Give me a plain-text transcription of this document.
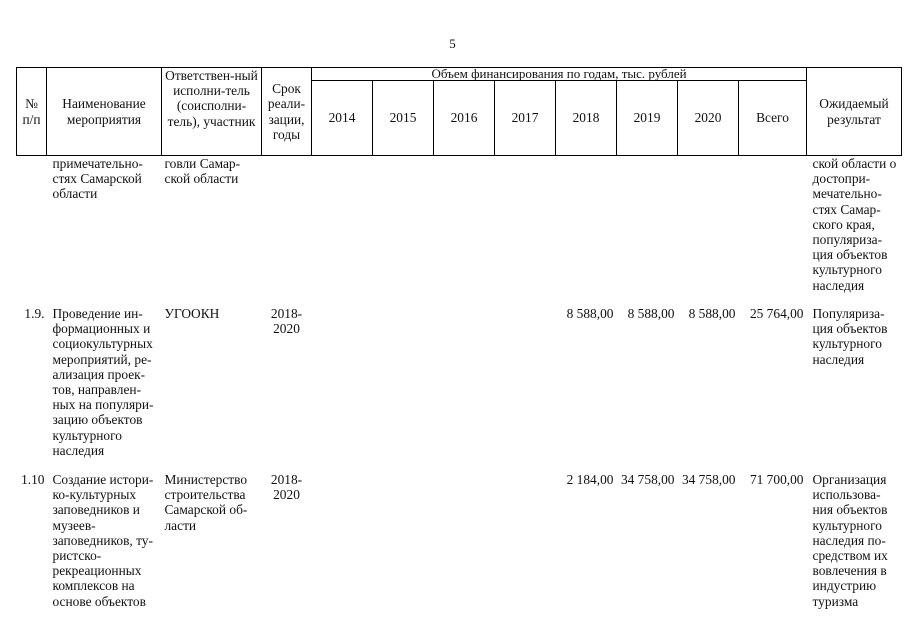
5
№ п/п	Наименование мероприятия	Ответствен-ный исполни-тель (соисполни-тель), участник	Срок реали-зации, годы	Объем финансирования по годам, тыс. рублей								Ожидаемый результат
				2014	2015	2016	2017	2018	2019	2020	Всего	
	примечательно-стях Самарской области	говли Самар-ской области										ской области о достопри-мечательно-стях Самар-ского края, популяриза-ция объектов культурного наследия
1.9.	Проведение ин-формационных и социокультурных мероприятий, ре-ализация проек-тов, направлен-ных на популяри-зацию объектов культурного наследия	УГООКН	2018-2020					8 588,00	8 588,00	8 588,00	25 764,00	Популяриза-ция объектов культурного наследия
1.10	Создание истори-ко-культурных заповедников и музеев-заповедников, ту-ристско-рекреационных комплексов на основе объектов	Министерство строительства Самарской об-ласти	2018-2020					2 184,00	34 758,00	34 758,00	71 700,00	Организация использова-ния объектов культурного наследия по-средством их вовлечения в индустрию туризма
